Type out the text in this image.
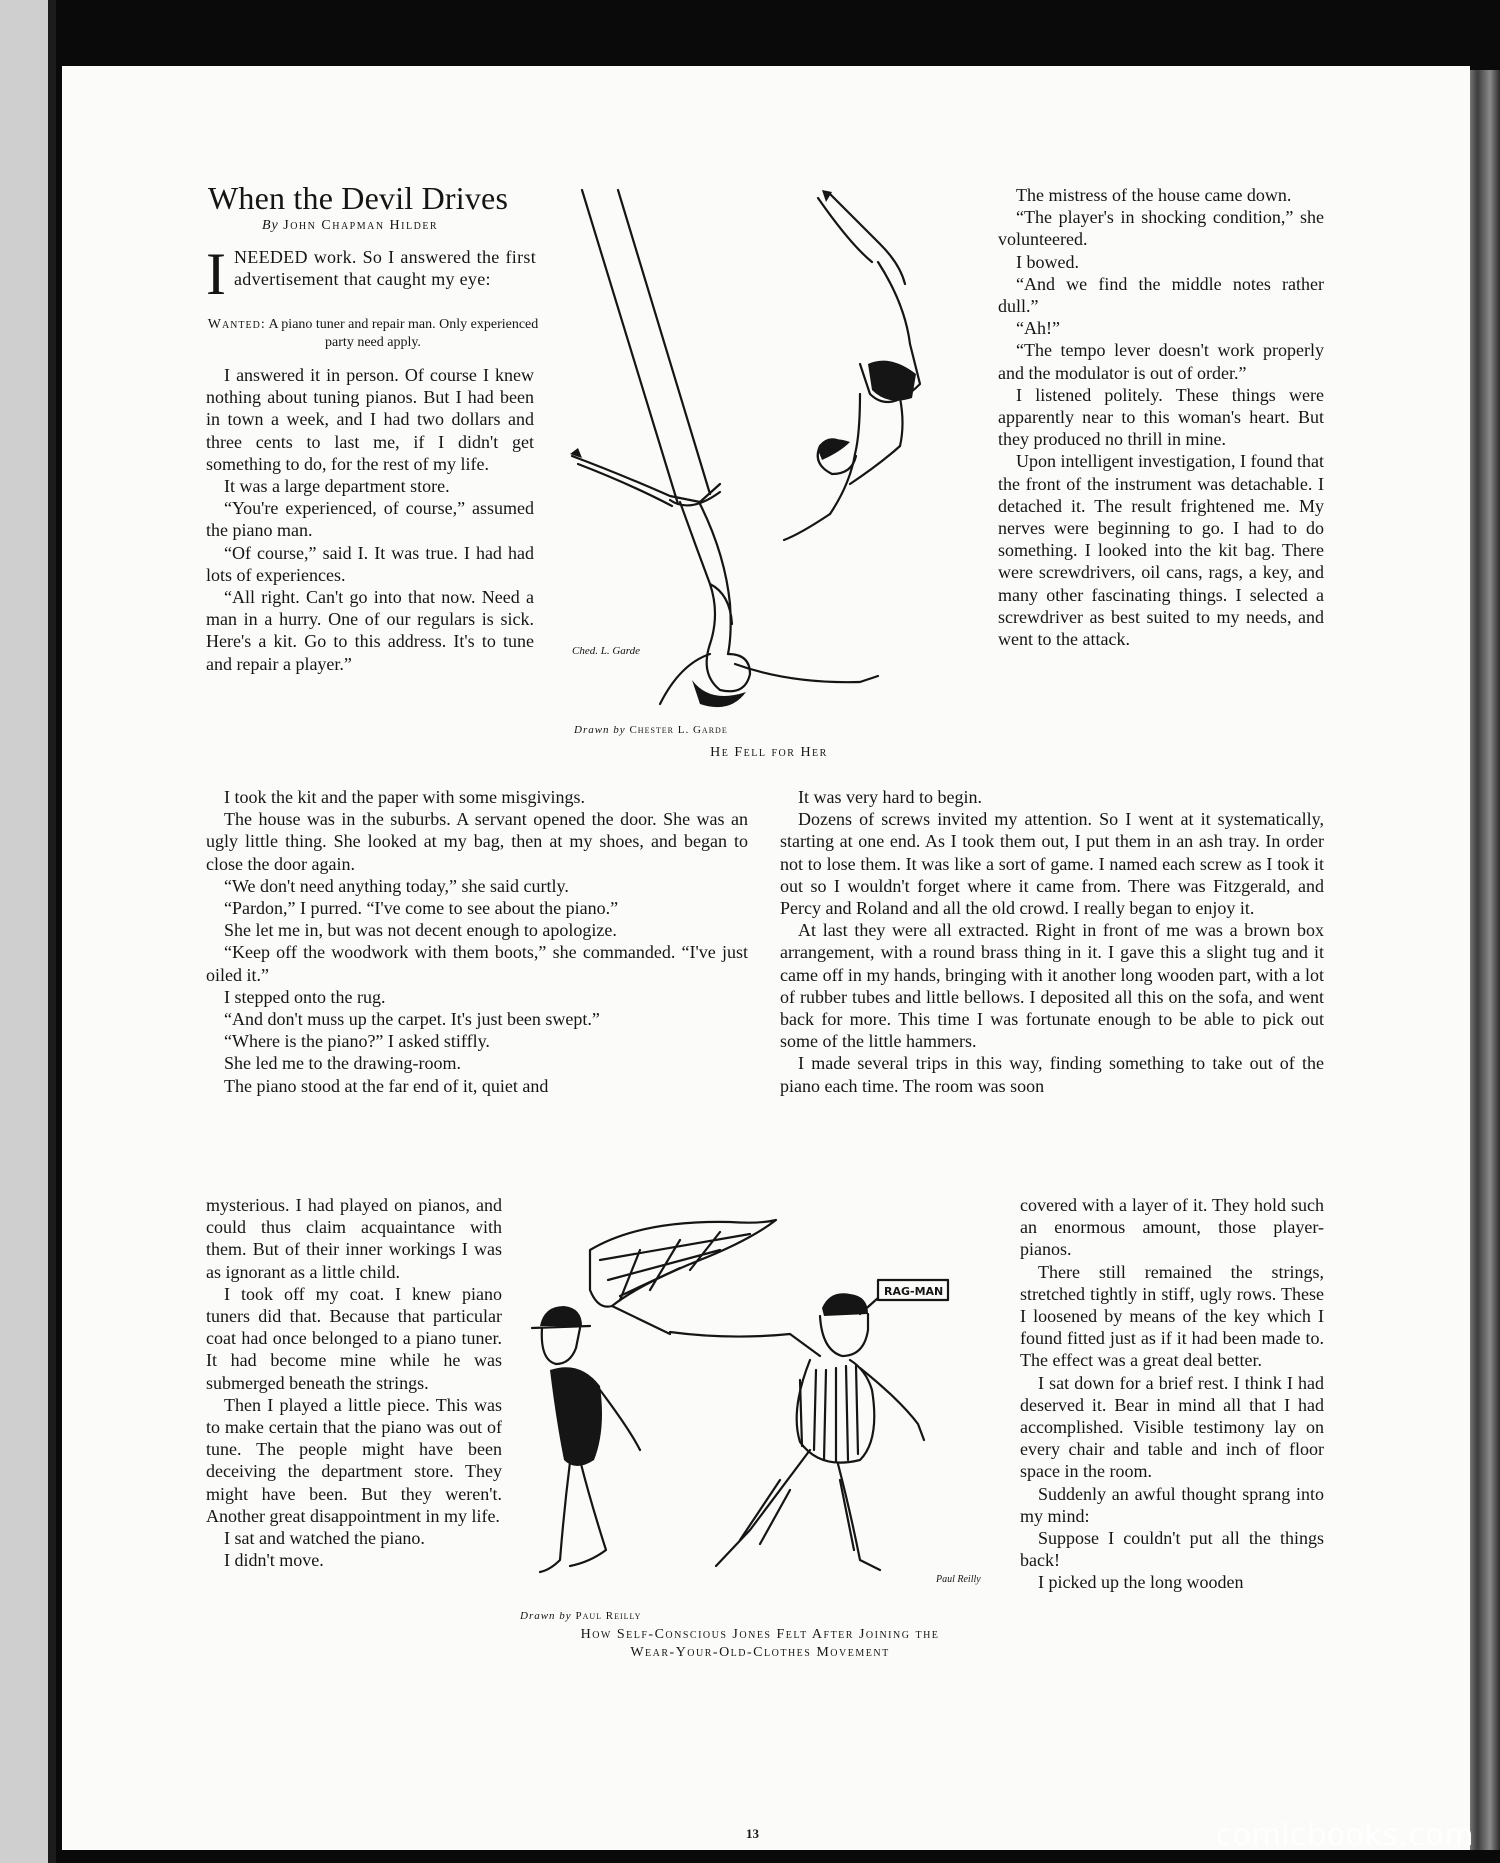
When the Devil Drives
By John Chapman Hilder
I NEEDED work. So I answered the first advertisement that caught my eye:
Wanted: A piano tuner and repair man. Only experienced party need apply.

I answered it in person. Of course I knew nothing about tuning pianos. But I had been in town a week, and I had two dollars and three cents to last me, if I didn't get something to do, for the rest of my life.

It was a large department store.

“You're experienced, of course,” assumed the piano man.

“Of course,” said I. It was true. I had had lots of experiences.

“All right. Can't go into that now. Need a man in a hurry. One of our regulars is sick. Here's a kit. Go to this address. It's to tune and repair a player.”

I took the kit and the paper with some misgivings.

The house was in the suburbs. A servant opened the door. She was an ugly little thing. She looked at my bag, then at my shoes, and began to close the door again.

“We don't need anything today,” she said curtly.

“Pardon,” I purred. “I've come to see about the piano.”

She let me in, but was not decent enough to apologize.

“Keep off the woodwork with them boots,” she commanded. “I've just oiled it.”

I stepped onto the rug.

“And don't muss up the carpet. It's just been swept.”

“Where is the piano?” I asked stiffly.

She led me to the drawing-room.

The piano stood at the far end of it, quiet and

mysterious. I had played on pianos, and could thus claim acquaintance with them. But of their inner workings I was as ignorant as a little child.

I took off my coat. I knew piano tuners did that. Because that particular coat had once belonged to a piano tuner. It had become mine while he was submerged beneath the strings.

Then I played a little piece. This was to make certain that the piano was out of tune. The people might have been deceiving the department store. They might have been. But they weren't. Another great disappointment in my life.

I sat and watched the piano.

I didn't move.

The mistress of the house came down.

“The player's in shocking condition,” she volunteered.

I bowed.

“And we find the middle notes rather dull.”

“Ah!”

“The tempo lever doesn't work properly and the modulator is out of order.”

I listened politely. These things were apparently near to this woman's heart. But they produced no thrill in mine.

Upon intelligent investigation, I found that the front of the instrument was detachable. I detached it. The result frightened me. My nerves were beginning to go. I had to do something. I looked into the kit bag. There were screwdrivers, oil cans, rags, a key, and many other fascinating things. I selected a screwdriver as best suited to my needs, and went to the attack.

It was very hard to begin.

Dozens of screws invited my attention. So I went at it systematically, starting at one end. As I took them out, I put them in an ash tray. In order not to lose them. It was like a sort of game. I named each screw as I took it out so I wouldn't forget where it came from. There was Fitzgerald, and Percy and Roland and all the old crowd. I really began to enjoy it.

At last they were all extracted. Right in front of me was a brown box arrangement, with a round brass thing in it. I gave this a slight tug and it came off in my hands, bringing with it another long wooden part, with a lot of rubber tubes and little bellows. I deposited all this on the sofa, and went back for more. This time I was fortunate enough to be able to pick out some of the little hammers.

I made several trips in this way, finding something to take out of the piano each time. The room was soon

covered with a layer of it. They hold such an enormous amount, those player-pianos.

There still remained the strings, stretched tightly in stiff, ugly rows. These I loosened by means of the key which I found fitted just as if it had been made to. The effect was a great deal better.

I sat down for a brief rest. I think I had deserved it. Bear in mind all that I had accomplished. Visible testimony lay on every chair and table and inch of floor space in the room.

Suddenly an awful thought sprang into my mind:

Suppose I couldn't put all the things back!

I picked up the long wooden

Ched. L. Garde
Drawn by Chester L. Garde
He Fell for Her
RAG-MAN
Paul Reilly
Drawn by Paul Reilly
How Self-Conscious Jones Felt After Joining the
Wear-Your-Old-Clothes Movement
13	comicbooks.com
